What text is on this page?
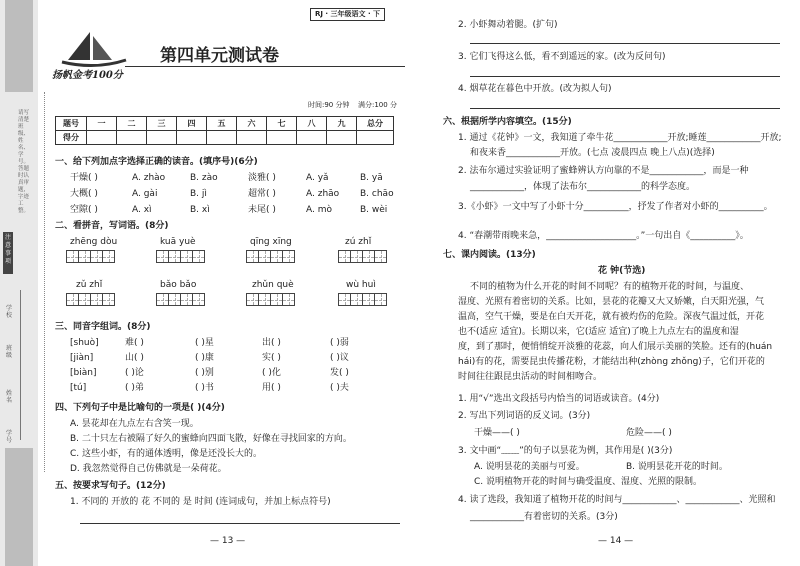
请写清楚班级、姓名、学号。答题时认真审题，字迹工整。
注意事项
学校
班级
姓名
学号
扬帆金考100分
第四单元测试卷
RJ · 三年级语文 · 下
时间:90 分钟 满分:100 分
题号	一	二	三	四	五	六	七	八	九	总分
得分										
一、给下列加点字选择正确的读音。(填序号)(6分)
干燥( )	A. zhào	B. zào	淡雅( )	A. yǎ	B. yā
大概( )	A. gài	B. jì	超常( )	A. zhāo B. chāo
空隙( )	A. xì	B. xì	未尾( )	A. mò	B. wèi
二、看拼音，写词语。(8分)
zhēng dòu	kuā yuè	qīng xīng	zú zhǐ
zǔ zhǐ	bǎo bǎo	zhǔn què	wù huì
三、同音字组词。(8分)
[shuò]	难( )	( )星	出( )	( )弱
[jiàn]	山( )	( )康	实( )	( )议
[biàn]	( )论	( )别	( )化	发( )
[tú]	( )弟	( )书	用( )	( )夫
四、下列句子中是比喻句的一项是( )(4分)
A. 昙花却在九点左右含笑一现。
B. 二十只左右被隔了好久的蜜蜂向四面飞散，好像在寻找回家的方向。
C. 这些小虾，有的通体透明，像是还没长大的。
D. 我忽然觉得自己仿佛就是一朵荷花。
五、按要求写句子。(12分)
1. 不同的 开放的 花 不同的 是 时间 (连词成句，并加上标点符号)
— 13 —
2. 小虾舞动着腿。(扩句)
3. 它们飞得这么低，看不到遥远的家。(改为反问句)
4. 烟草花在暮色中开放。(改为拟人句)
六、根据所学内容填空。(15分)
1. 通过《花钟》一文，我知道了牵牛花____________开放;睡莲____________开放;
和夜来香____________开放。(七点 凌晨四点 晚上八点)(选择)
2. 法布尔通过实验证明了蜜蜂辨认方向靠的不是____________，而是一种
____________，体现了法布尔____________的科学态度。
3.《小虾》一文中写了小虾十分__________，抒发了作者对小虾的__________。
4. “春潮带雨晚来急，____________________。”一句出自《__________》。
七、课内阅读。(13分)
花 钟(节选)
不同的植物为什么开花的时间不同呢？有的植物开花的时间，与温度、
湿度、光照有着密切的关系。比如，昙花的花瓣又大又娇嫩，白天阳光强，气
温高，空气干燥，要是在白天开花，就有被灼伤的危险。深夜气温过低，开花
也不(适应 适宜)。长期以来，它(适应 适宜)了晚上九点左右的温度和湿
度，到了那时，便悄悄绽开淡雅的花蕊，向人们展示美丽的笑脸。还有的(huán
hái)有的花，需要昆虫传播花粉，才能结出种(zhòng zhǒng)子，它们开花的
时间往往跟昆虫活动的时间相吻合。
1. 用“√”选出文段括号内恰当的词语或读音。(4分)
2. 写出下列词语的反义词。(3分)
干燥——( )	危险——( )
3. 文中画“﹏﹏”的句子以昙花为例，其作用是( )(3分)
A. 说明昙花的美丽与可爱。	B. 说明昙花开花的时间。
C. 说明植物开花的时间与确受温度、湿度、光照的限制。
4. 读了选段，我知道了植物开花的时间与____________、____________、光照和
____________有着密切的关系。(3分)
— 14 —
